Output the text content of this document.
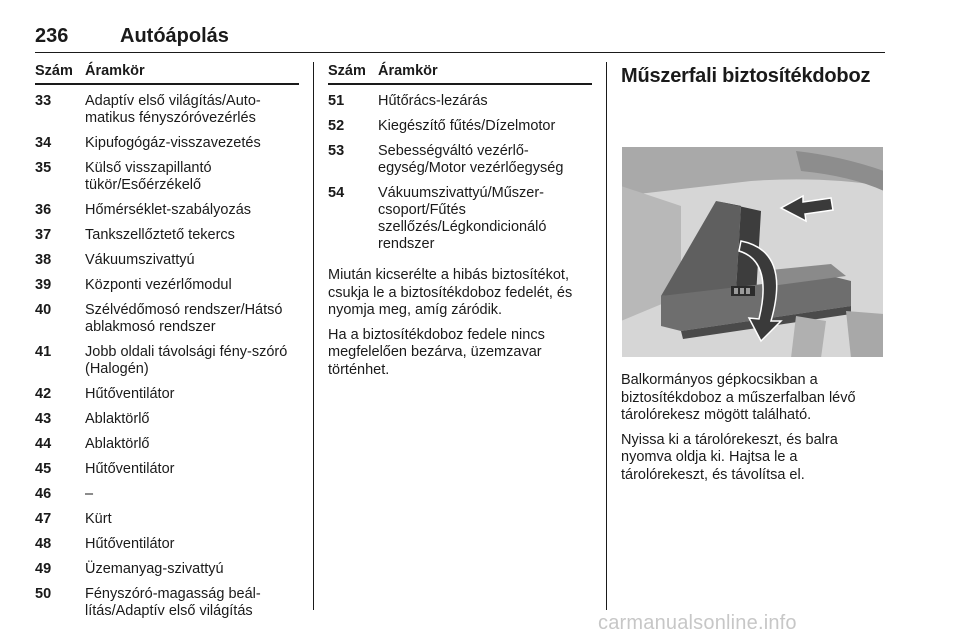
236	Autóápolás
Szám Áramkör
33	Adaptív első világítás/Auto-matikus fényszóróvezérlés
34	Kipufogógáz-visszavezetés
35	Külső visszapillantó tükör/Esőérzékelő
36	Hőmérséklet-szabályozás
37	Tankszellőztető tekercs
38	Vákuumszivattyú
39	Központi vezérlőmodul
40	Szélvédőmosó rendszer/Hátsó ablakmosó rendszer
41	Jobb oldali távolsági fény-szóró (Halogén)
42	Hűtőventilátor
43	Ablaktörlő
44	Ablaktörlő
45	Hűtőventilátor
46	–
47	Kürt
48	Hűtőventilátor
49	Üzemanyag-szivattyú
50	Fényszóró-magasság beál-lítás/Adaptív első világítás
Szám Áramkör
51	Hűtőrács-lezárás
52	Kiegészítő fűtés/Dízelmotor
53	Sebességváltó vezérlő-egység/Motor vezérlőegység
54	Vákuumszivattyú/Műszer-csoport/Fűtés szellőzés/Légkondicionáló rendszer

Miután kicserélte a hibás biztosítékot, csukja le a biztosítékdoboz fedelét, és nyomja meg, amíg záródik.

Ha a biztosítékdoboz fedele nincs megfelelően bezárva, üzemzavar történhet.

Műszerfali biztosítékdoboz

Balkormányos gépkocsikban a biztosítékdoboz a műszerfalban lévő tárolórekesz mögött található.

Nyissa ki a tárolórekeszt, és balra nyomva oldja ki. Hajtsa le a tárolórekeszt, és távolítsa el.

carmanualsonline.info
